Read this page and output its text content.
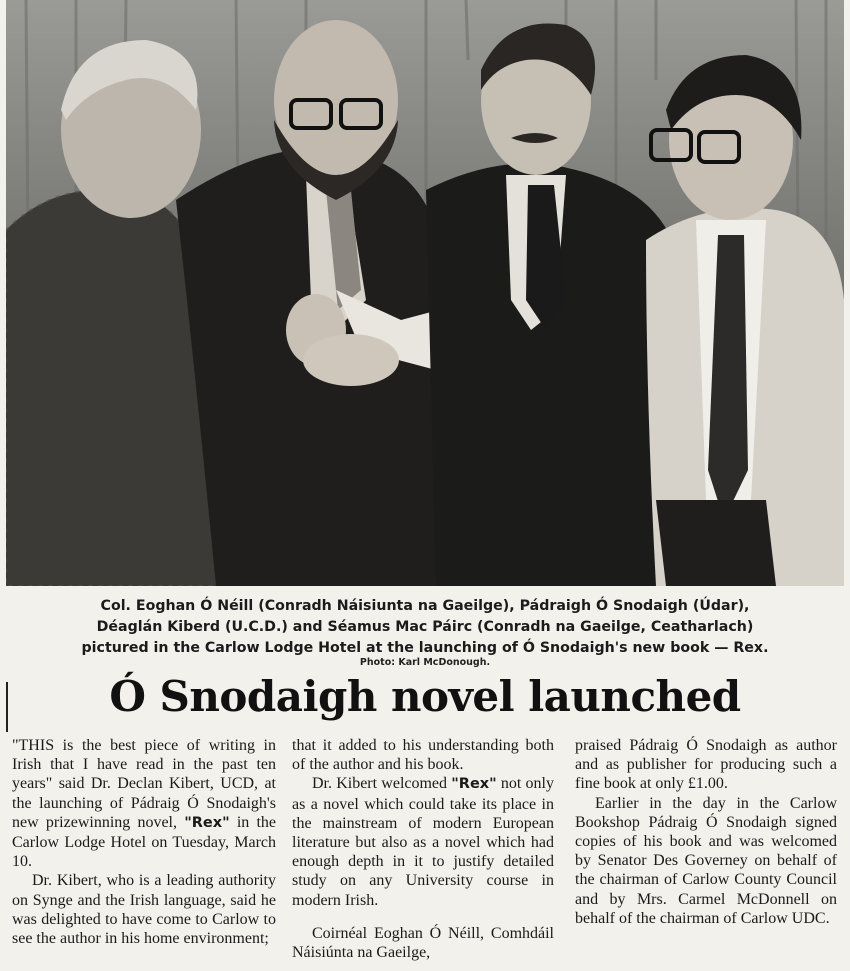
Col. Eoghan Ó Néill (Conradh Náisiunta na Gaeilge), Pádraigh Ó Snodaigh (Údar),
Déaglán Kiberd (U.C.D.) and Séamus Mac Páirc (Conradh na Gaeilge, Ceatharlach)
pictured in the Carlow Lodge Hotel at the launching of Ó Snodaigh's new book — Rex.
Photo: Karl McDonough.
Ó Snodaigh novel launched

"THIS is the best piece of writing in Irish that I have read in the past ten years" said Dr. Declan Kibert, UCD, at the launching of Pádraig Ó Snodaigh's new prizewinning novel, "Rex" in the Carlow Lodge Hotel on Tuesday, March 10.

Dr. Kibert, who is a leading authority on Synge and the Irish language, said he was delighted to have come to Carlow to see the author in his home environment;

that it added to his understanding both of the author and his book.

Dr. Kibert welcomed "Rex" not only as a novel which could take its place in the mainstream of modern European literature but also as a novel which had enough depth in it to justify detailed study on any University course in modern Irish.

Coirnéal Eoghan Ó Néill, Comhdáil Náisiúnta na Gaeilge,

praised Pádraig Ó Snodaigh as author and as publisher for producing such a fine book at only £1.00.

Earlier in the day in the Carlow Bookshop Pádraig Ó Snodaigh signed copies of his book and was welcomed by Senator Des Governey on behalf of the chairman of Carlow County Council and by Mrs. Carmel McDonnell on behalf of the chairman of Carlow UDC.
